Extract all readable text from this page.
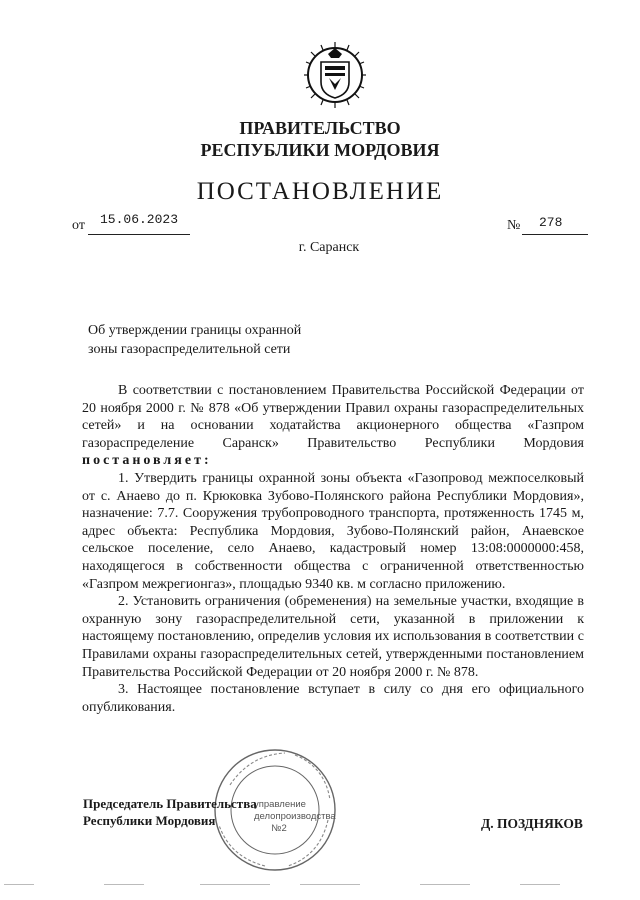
ПРАВИТЕЛЬСТВО
РЕСПУБЛИКИ МОРДОВИЯ
ПОСТАНОВЛЕНИЕ
от 15.06.2023	№ 278
г. Саранск
Об утверждении границы охранной
зоны газораспределительной сети

В соответствии с постановлением Правительства Российской Федерации от 20 ноября 2000 г. № 878 «Об утверждении Правил охраны газораспределительных сетей» и на основании ходатайства акционерного общества «Газпром газораспределение Саранск» Правительство Республики Мордовия постановляет:

1. Утвердить границы охранной зоны объекта «Газопровод межпоселковый от с. Анаево до п. Крюковка Зубово-Полянского района Республики Мордовия», назначение: 7.7. Сооружения трубопроводного транспорта, протяженность 1745 м, адрес объекта: Республика Мордовия, Зубово-Полянский район, Анаевское сельское поселение, село Анаево, кадастровый номер 13:08:0000000:458, находящегося в собственности общества с ограниченной ответственностью «Газпром межрегионгаз», площадью 9340 кв. м согласно приложению.

2. Установить ограничения (обременения) на земельные участки, входящие в охранную зону газораспределительной сети, указанной в приложении к настоящему постановлению, определив условия их использования в соответствии с Правилами охраны газораспределительных сетей, утвержденными постановлением Правительства Российской Федерации от 20 ноября 2000 г. № 878.

3. Настоящее постановление вступает в силу со дня его официального опубликования.

управление
делопроизводства
№2
Председатель Правительства
Республики Мордовия	Д. ПОЗДНЯКОВ
